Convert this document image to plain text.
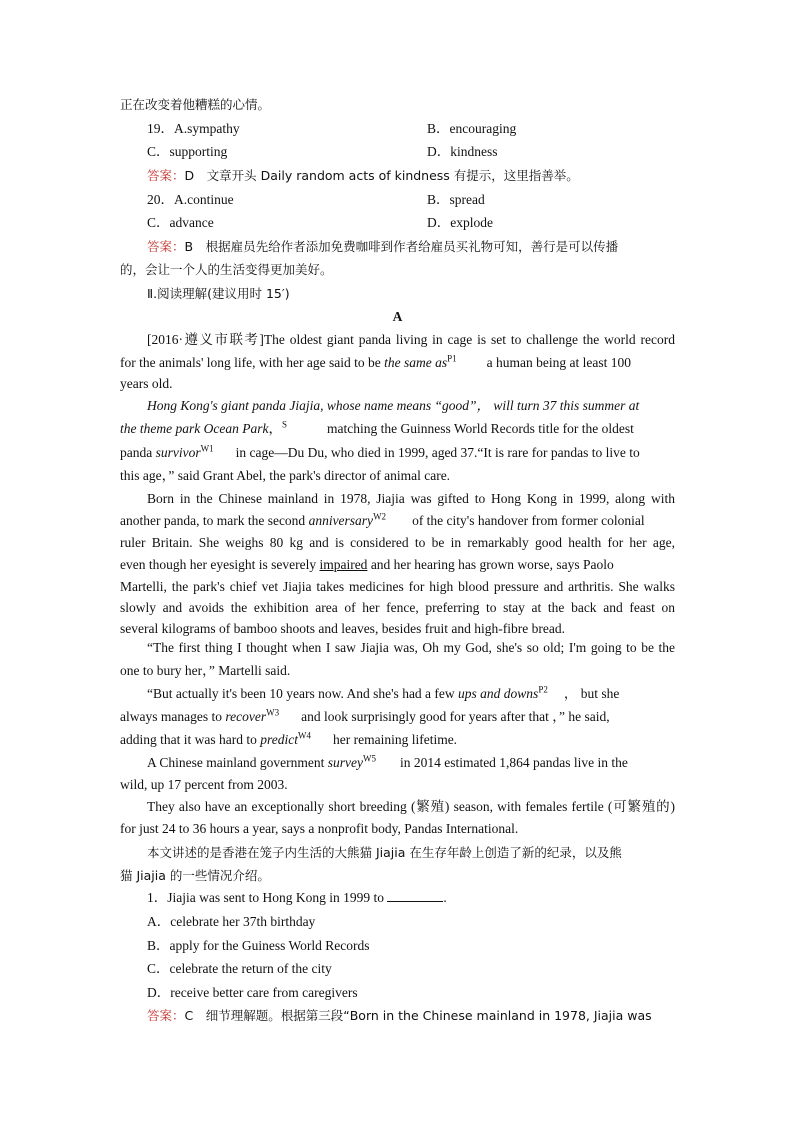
正在改变着他糟糕的心情。
19．A.sympathy	B．encouraging
C．supporting	D．kindness
答案：D　文章开头 Daily random acts of kindness 有提示，这里指善举。
20．A.continue	B．spread
C．advance	D．explode
答案：B　根据雇员先给作者添加免费咖啡到作者给雇员买礼物可知，善行是可以传播
的，会让一个人的生活变得更加美好。
Ⅱ.阅读理解(建议用时 15′)
A
[2016·遵义市联考]The oldest giant panda living in cage is set to challenge the world record
for the animals' long life, with her age said to be the same $as^{P1}$ a human being at least 100
years old.
Hong Kong's giant panda Jiajia, whose name means “good”， will turn 37 this summer at
the theme park Ocean Park，$^S$	matching the Guinness World Records title for the oldest
panda survivor$^{W1}$ in cage—Du Du, who died in 1999, aged 37.“It is rare for pandas to live to
this age，” said Grant Abel, the park's director of animal care.
Born in the Chinese mainland in 1978, Jiajia was gifted to Hong Kong in 1999, along with
another panda, to mark the second anniversary$^{W2}$ of the city's handover from former colonial
ruler Britain. She weighs 80 kg and is considered to be in remarkably good health for her age,
even though her eyesight is severely impaired and her hearing has grown worse, says Paolo
Martelli, the park's chief vet Jiajia takes medicines for high blood pressure and arthritis. She walks
slowly and avoids the exhibition area of her fence, preferring to stay at the back and feast on
several kilograms of bamboo shoots and leaves, besides fruit and high-fibre bread.
“The first thing I thought when I saw Jiajia was, Oh my God, she's so old; I'm going to be the
one to bury her，” Martelli said.
“But actually it's been 10 years now. And she's had a few ups and downs$^{P2}$ ， but she
always manages to recover$^{W3}$ and look surprisingly good for years after that ，” he said,
adding that it was hard to predict$^{W4}$ her remaining lifetime.
A Chinese mainland government survey$^{W5}$ in 2014 estimated 1,864 pandas live in the
wild, up 17 percent from 2003.
They also have an exceptionally short breeding (繁殖) season, with females fertile (可繁殖的)
for just 24 to 36 hours a year, says a nonprofit body, Pandas International.
本文讲述的是香港在笼子内生活的大熊猫 Jiajia 在生存年龄上创造了新的纪录，以及熊
猫 Jiajia 的一些情况介绍。
1．Jiajia was sent to Hong Kong in 1999 to	.
A．celebrate her 37th birthday
B．apply for the Guiness World Records
C．celebrate the return of the city
D．receive better care from caregivers
答案：C　细节理解题。根据第三段“Born in the Chinese mainland in 1978, Jiajia was
